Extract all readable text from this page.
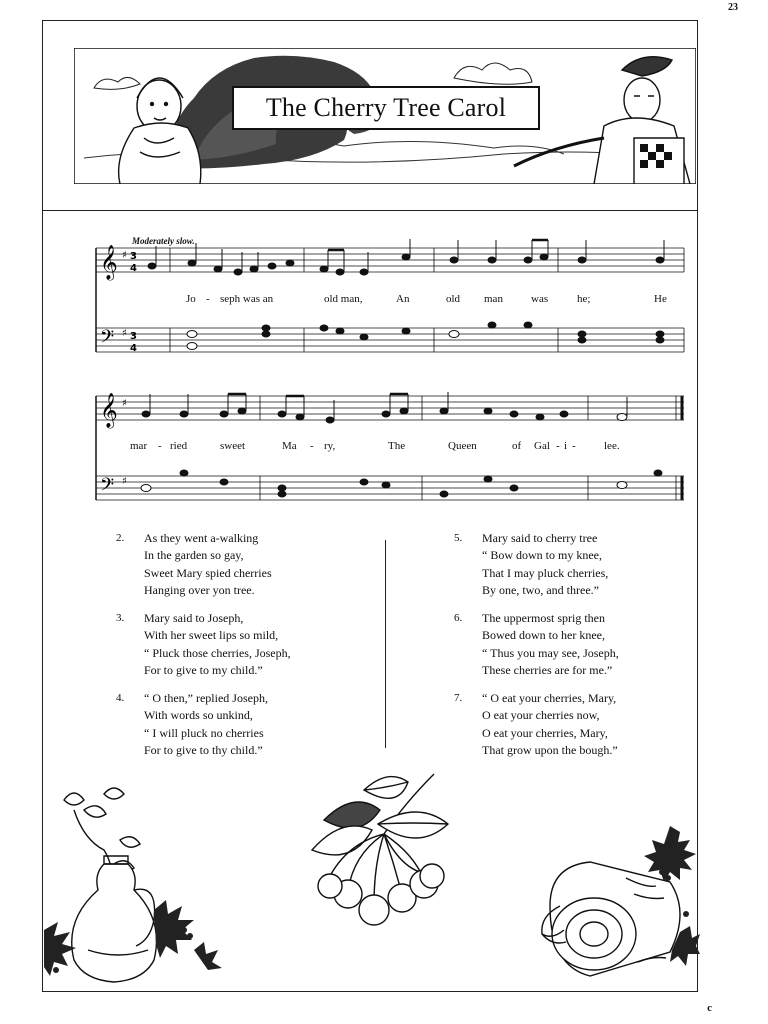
23
The Cherry Tree Carol
Moderately slow.
𝄞
𝄢
♯
♯
3
4
3
4
Jo - seph was an	old man,	An	old man	was	he;	He
𝄞
𝄢
♯
♯
mar - ried	sweet	Ma - ry,	The	Queen	of Gal - i -	lee.
2.	As they went a-walking
In the garden so gay,
Sweet Mary spied cherries
Hanging over yon tree.
3.	Mary said to Joseph,
With her sweet lips so mild,
“ Pluck those cherries, Joseph,
For to give to my child.”
4.	“ O then,” replied Joseph,
With words so unkind,
“ I will pluck no cherries
For to give to thy child.”
5.	Mary said to cherry tree
“ Bow down to my knee,
That I may pluck cherries,
By one, two, and three.”
6.	The uppermost sprig then
Bowed down to her knee,
“ Thus you may see, Joseph,
These cherries are for me.”
7.	“ O eat your cherries, Mary,
O eat your cherries now,
O eat your cherries, Mary,
That grow upon the bough.”
c
